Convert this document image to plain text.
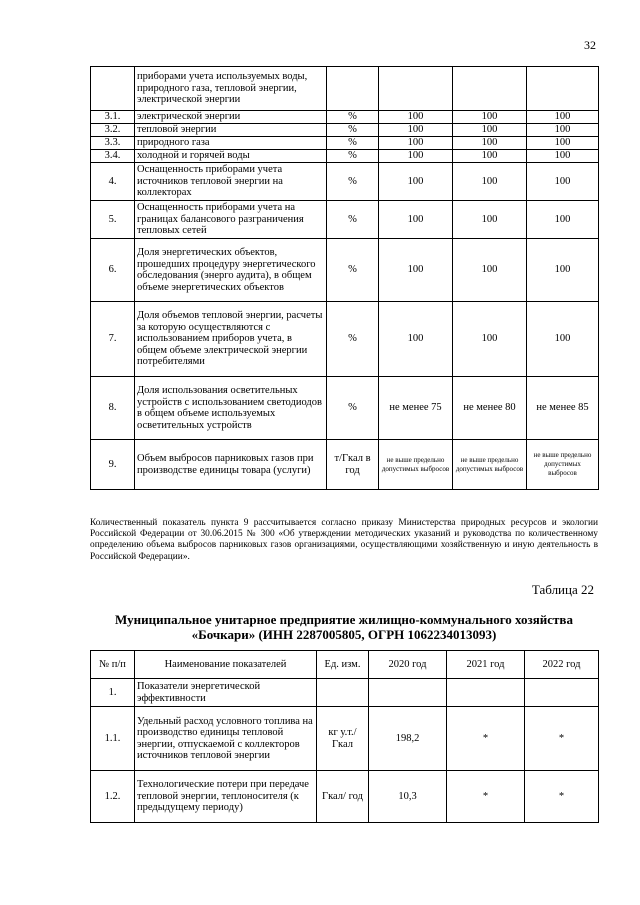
32
	приборами учета используемых воды, природного газа, тепловой энергии, электрической энергии				
3.1.	электрической энергии	%	100	100	100
3.2.	тепловой энергии	%	100	100	100
3.3.	природного газа	%	100	100	100
3.4.	холодной и горячей воды	%	100	100	100
4.	Оснащенность приборами учета источников тепловой энергии на коллекторах	%	100	100	100
5.	Оснащенность приборами учета на границах балансового разграничения тепловых сетей	%	100	100	100
6.	Доля энергетических объектов, прошедших процедуру энергетического обследования (энерго аудита), в общем объеме энергетических объектов	%	100	100	100
7.	Доля объемов тепловой энергии, расчеты за которую осуществляются с использованием приборов учета, в общем объеме электрической энергии потребителями	%	100	100	100
8.	Доля использования осветительных устройств с использованием светодиодов в общем объеме используемых осветительных устройств	%	не менее 75	не менее 80	не менее 85
9.	Объем выбросов парниковых газов при производстве единицы товара (услуги)	т/Гкал в год	не выше предельно допустимых выбросов	не выше предельно допустимых выбросов	не выше предельно допустимых выбросов
Количественный показатель пункта 9 рассчитывается согласно приказу Министерства природных ресурсов и экологии Российской Федерации от 30.06.2015 № 300 «Об утверждении методических указаний и руководства по количественному определению объема выбросов парниковых газов организациями, осуществляющими хозяйственную и иную деятельность в Российской Федерации».
Таблица 22
Муниципальное унитарное предприятие жилищно-коммунального хозяйства «Бочкари» (ИНН 2287005805, ОГРН 1062234013093)
№ п/п	Наименование показателей	Ед. изм.	2020 год	2021 год	2022 год
1.	Показатели энергетической эффективности				
1.1.	Удельный расход условного топлива на производство единицы тепловой энергии, отпускаемой с коллекторов источников тепловой энергии	кг у.т./ Гкал	198,2	*	*
1.2.	Технологические потери при передаче тепловой энергии, теплоносителя (к предыдущему периоду)	Гкал/ год	10,3	*	*
